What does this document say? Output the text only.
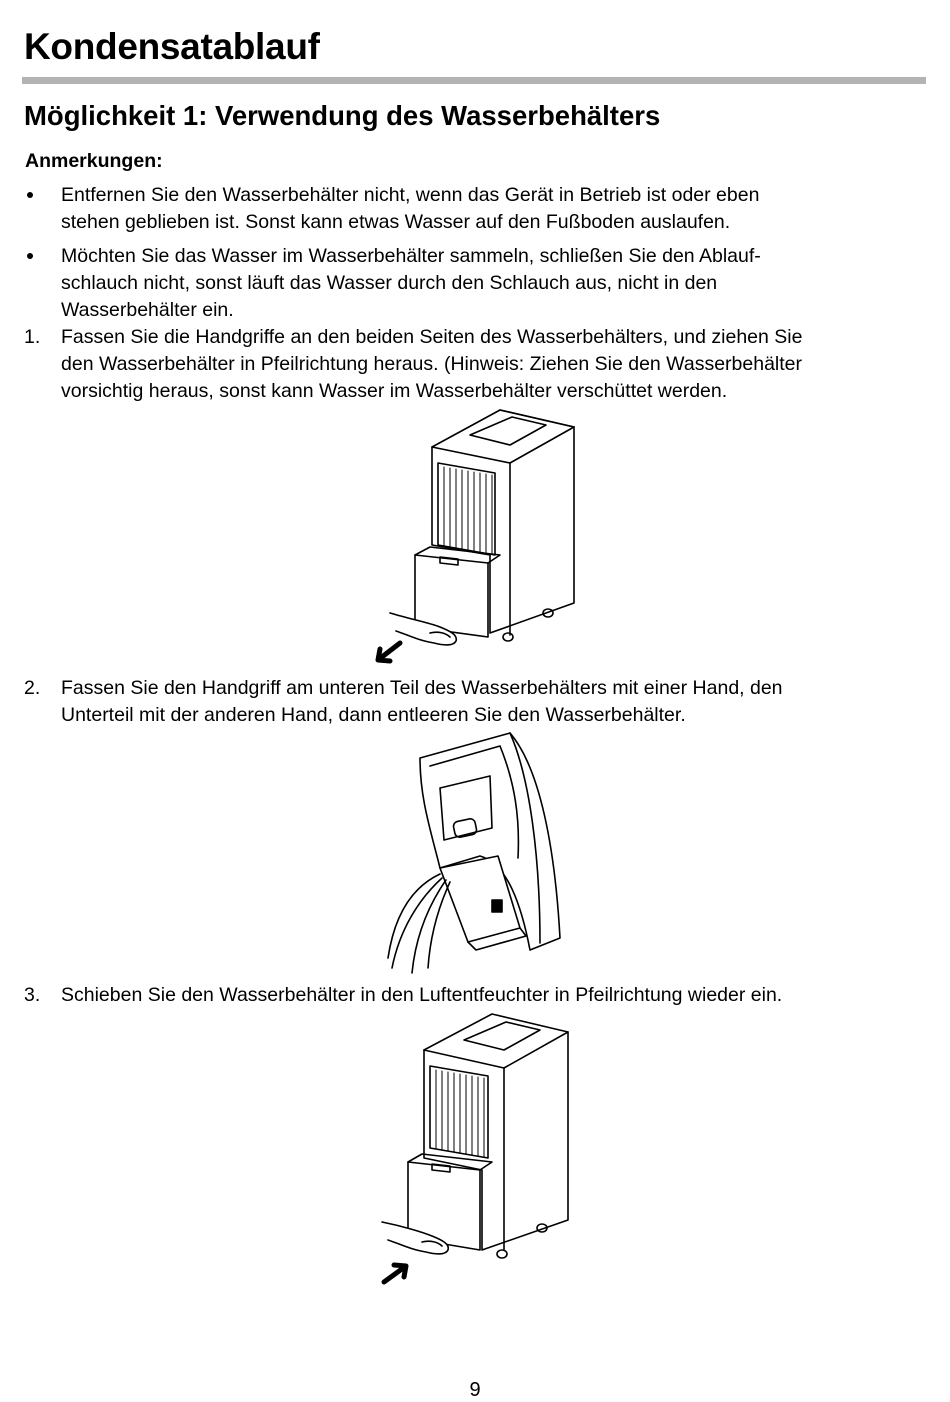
Kondensatablauf
Möglichkeit 1: Verwendung des Wasserbehälters
Anmerkungen:

Entfernen Sie den Wasserbehälter nicht, wenn das Gerät in Betrieb ist oder eben
stehen geblieben ist. Sonst kann etwas Wasser auf den Fußboden auslaufen.

Möchten Sie das Wasser im Wasserbehälter sammeln, schließen Sie den Ablauf-
schlauch nicht, sonst läuft das Wasser durch den Schlauch aus, nicht in den
Wasserbehälter ein.

1. Fassen Sie die Handgriffe an den beiden Seiten des Wasserbehälters, und ziehen Sie
den Wasserbehälter in Pfeilrichtung heraus. (Hinweis: Ziehen Sie den Wasserbehälter
vorsichtig heraus, sonst kann Wasser im Wasserbehälter verschüttet werden.

2. Fassen Sie den Handgriff am unteren Teil des Wasserbehälters mit einer Hand, den
Unterteil mit der anderen Hand, dann entleeren Sie den Wasserbehälter.

3. Schieben Sie den Wasserbehälter in den Luftentfeuchter in Pfeilrichtung wieder ein.

9
